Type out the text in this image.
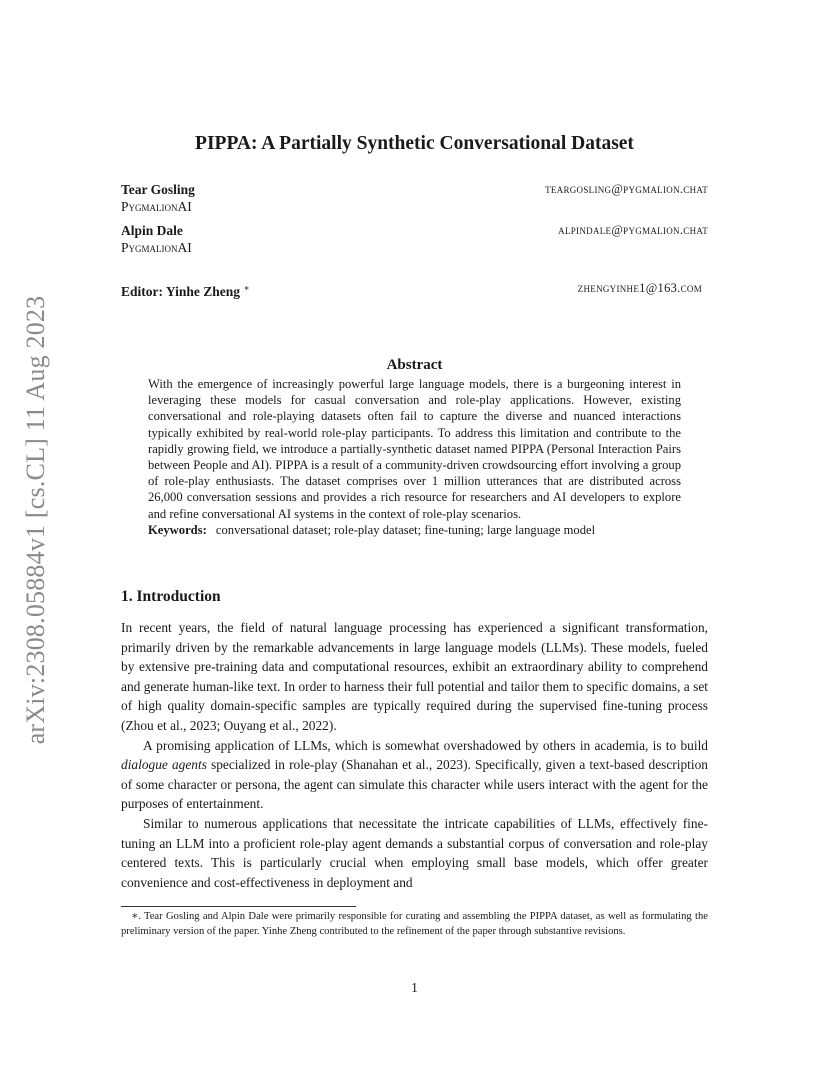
arXiv:2308.05884v1 [cs.CL] 11 Aug 2023
PIPPA: A Partially Synthetic Conversational Dataset
Tear Gosling
PygmalionAI
teargosling@pygmalion.chat
Alpin Dale
PygmalionAI
alpindale@pygmalion.chat
Editor: Yinhe Zheng ∗	zhengyinhe1@163.com
Abstract

With the emergence of increasingly powerful large language models, there is a burgeoning interest in leveraging these models for casual conversation and role-play applications. However, existing conversational and role-playing datasets often fail to capture the diverse and nuanced interactions typically exhibited by real-world role-play participants. To address this limitation and contribute to the rapidly growing field, we introduce a partially-synthetic dataset named PIPPA (Personal Interaction Pairs between People and AI). PIPPA is a result of a community-driven crowdsourcing effort involving a group of role-play enthusiasts. The dataset comprises over 1 million utterances that are distributed across 26,000 conversation sessions and provides a rich resource for researchers and AI developers to explore and refine conversational AI systems in the context of role-play scenarios.

Keywords: conversational dataset; role-play dataset; fine-tuning; large language model
1. Introduction

In recent years, the field of natural language processing has experienced a significant transformation, primarily driven by the remarkable advancements in large language models (LLMs). These models, fueled by extensive pre-training data and computational resources, exhibit an extraordinary ability to comprehend and generate human-like text. In order to harness their full potential and tailor them to specific domains, a set of high quality domain-specific samples are typically required during the supervised fine-tuning process (Zhou et al., 2023; Ouyang et al., 2022).

A promising application of LLMs, which is somewhat overshadowed by others in academia, is to build dialogue agents specialized in role-play (Shanahan et al., 2023). Specifically, given a text-based description of some character or persona, the agent can simulate this character while users interact with the agent for the purposes of entertainment.

Similar to numerous applications that necessitate the intricate capabilities of LLMs, effectively fine-tuning an LLM into a proficient role-play agent demands a substantial corpus of conversation and role-play centered texts. This is particularly crucial when employing small base models, which offer greater convenience and cost-effectiveness in deployment and

∗. Tear Gosling and Alpin Dale were primarily responsible for curating and assembling the PIPPA dataset, as well as formulating the preliminary version of the paper. Yinhe Zheng contributed to the refinement of the paper through substantive revisions.
1
